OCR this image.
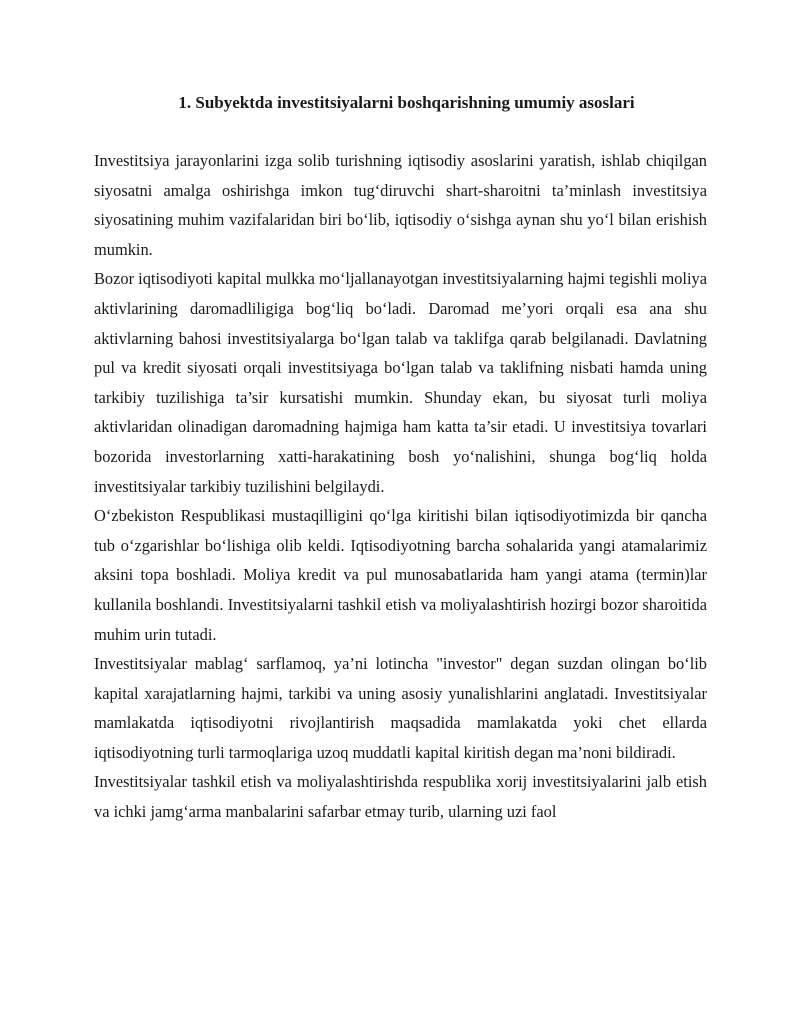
1. Subyektda investitsiyalarni boshqarishning umumiy asoslari

Investitsiya jarayonlarini izga solib turishning iqtisodiy asoslarini yaratish, ishlab chiqilgan siyosatni amalga oshirishga imkon tug‘diruvchi shart-sharoitni ta’minlash investitsiya siyosatining muhim vazifalaridan biri bo‘lib, iqtisodiy o‘sishga aynan shu yo‘l bilan erishish mumkin.

Bozor iqtisodiyoti kapital mulkka mo‘ljallanayotgan investitsiyalarning hajmi tegishli moliya aktivlarining daromadliligiga bog‘liq bo‘ladi. Daromad me’yori orqali esa ana shu aktivlarning bahosi investitsiyalarga bo‘lgan talab va taklifga qarab belgilanadi. Davlatning pul va kredit siyosati orqali investitsiyaga bo‘lgan talab va taklifning nisbati hamda uning tarkibiy tuzilishiga ta’sir kursatishi mumkin. Shunday ekan, bu siyosat turli moliya aktivlaridan olinadigan daromadning hajmiga ham katta ta’sir etadi. U investitsiya tovarlari bozorida investorlarning xatti-harakatining bosh yo‘nalishini, shunga bog‘liq holda investitsiyalar tarkibiy tuzilishini belgilaydi.

O‘zbekiston Respublikasi mustaqilligini qo‘lga kiritishi bilan iqtisodiyotimizda bir qancha tub o‘zgarishlar bo‘lishiga olib keldi. Iqtisodiyotning barcha sohalarida yangi atamalarimiz aksini topa boshladi. Moliya kredit va pul munosabatlarida ham yangi atama (termin)lar kullanila boshlandi. Investitsiyalarni tashkil etish va moliyalashtirish hozirgi bozor sharoitida muhim urin tutadi.

Investitsiyalar mablag‘ sarflamoq, ya’ni lotincha "investor" degan suzdan olingan bo‘lib kapital xarajatlarning hajmi, tarkibi va uning asosiy yunalishlarini anglatadi. Investitsiyalar mamlakatda iqtisodiyotni rivojlantirish maqsadida mamlakatda yoki chet ellarda iqtisodiyotning turli tarmoqlariga uzoq muddatli kapital kiritish degan ma’noni bildiradi.

Investitsiyalar tashkil etish va moliyalashtirishda respublika xorij investitsiyalarini jalb etish va ichki jamg‘arma manbalarini safarbar etmay turib, ularning uzi faol
